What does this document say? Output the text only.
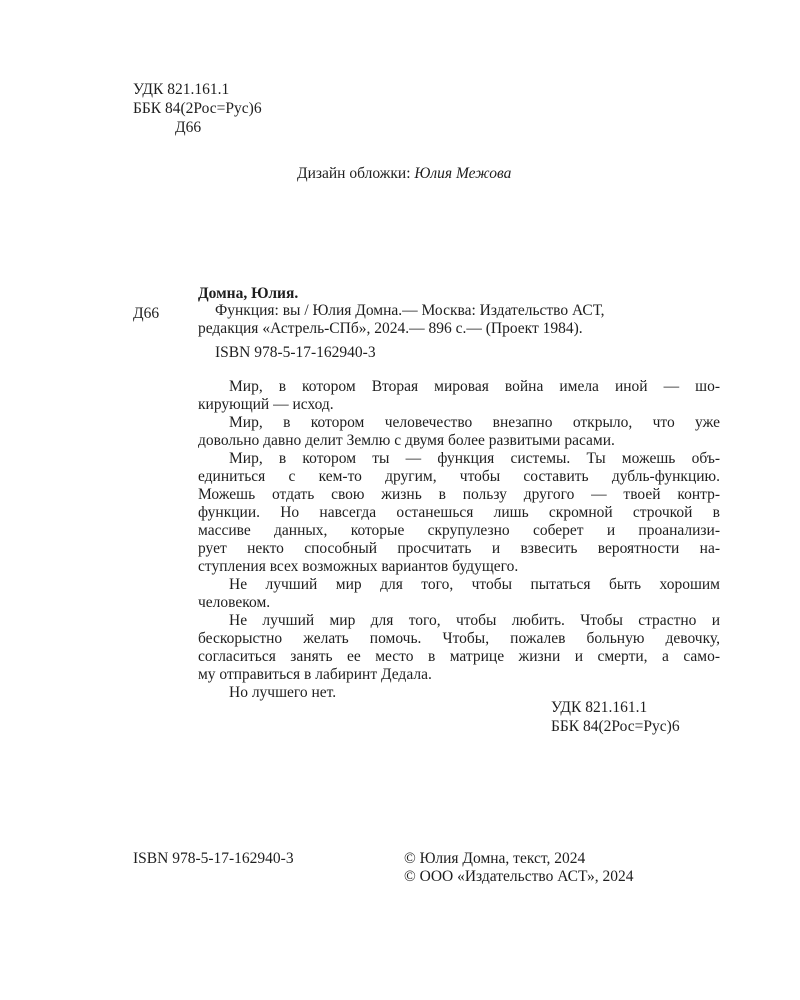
УДК 821.161.1
ББК 84(2Рос=Рус)6
Д66
Дизайн обложки: Юлия Межова
Домна, Юлия.
Д66	Функция: вы / Юлия Домна.— Москва: Издательство АСТ,
редакция «Астрель-СПб», 2024.— 896 с.— (Проект 1984).
ISBN 978-5-17-162940-3
Мир, в котором Вторая мировая война имела иной — шо-
кирующий — исход.
Мир, в котором человечество внезапно открыло, что уже
довольно давно делит Землю с двумя более развитыми расами.
Мир, в котором ты — функция системы. Ты можешь объ-
единиться с кем-то другим, чтобы составить дубль-функцию.
Можешь отдать свою жизнь в пользу другого — твоей контр-
функции. Но навсегда останешься лишь скромной строчкой в
массиве данных, которые скрупулезно соберет и проанализи-
рует некто способный просчитать и взвесить вероятности на-
ступления всех возможных вариантов будущего.
Не лучший мир для того, чтобы пытаться быть хорошим
человеком.
Не лучший мир для того, чтобы любить. Чтобы страстно и
бескорыстно желать помочь. Чтобы, пожалев больную девочку,
согласиться занять ее место в матрице жизни и смерти, а само-
му отправиться в лабиринт Дедала.
Но лучшего нет.
УДК 821.161.1
ББК 84(2Рос=Рус)6
ISBN 978-5-17-162940-3	© Юлия Домна, текст, 2024
© ООО «Издательство АСТ», 2024
